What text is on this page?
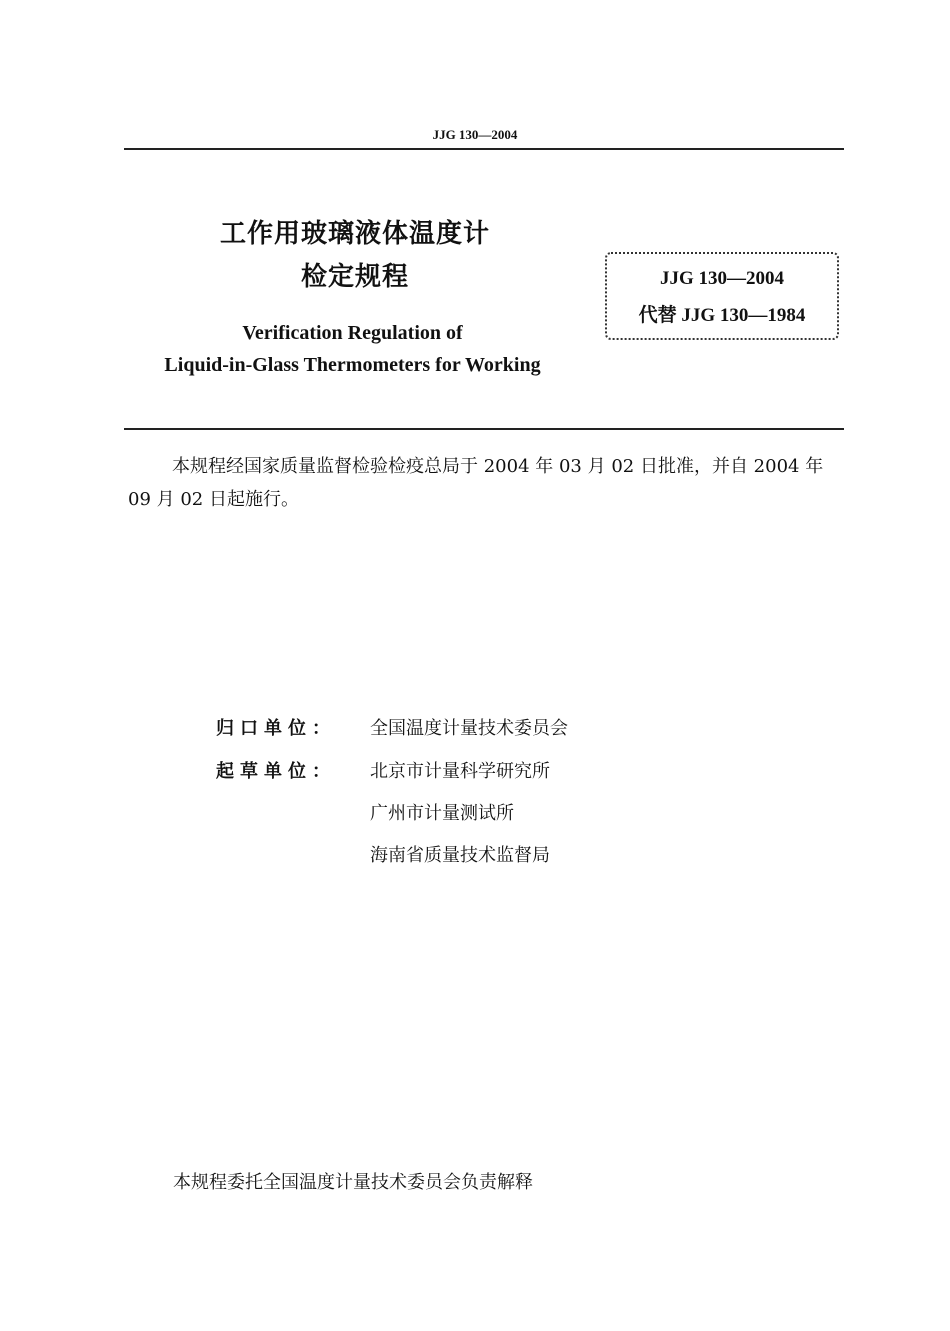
JJG 130—2004
工作用玻璃液体温度计
检定规程	JJG 130—2004
代替 JJG 130—1984
Verification Regulation of
Liquid-in-Glass Thermometers for Working
本规程经国家质量监督检验检疫总局于 2004 年 03 月 02 日批准，并自 2004 年 09 月 02 日起施行。
归口单位： 全国温度计量技术委员会
起草单位： 北京市计量科学研究所
广州市计量测试所
海南省质量技术监督局
本规程委托全国温度计量技术委员会负责解释
